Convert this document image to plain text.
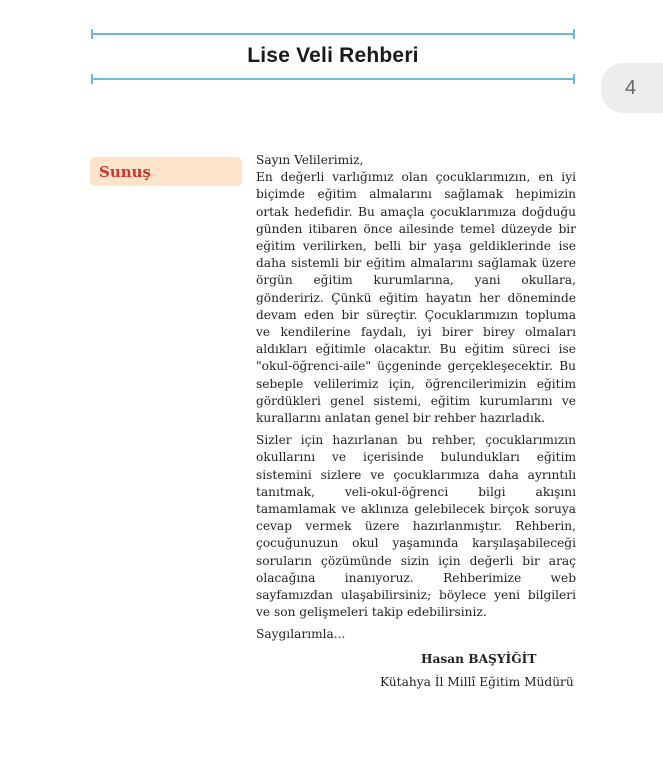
Lise Veli Rehberi
4
Sunuş

Sayın Velilerimiz,

En değerli varlığımız olan çocuklarımızın, en iyi biçimde eğitim almalarını sağlamak hepimizin ortak hedefidir. Bu amaçla çocuklarımıza doğduğu günden itibaren önce ailesinde temel düzeyde bir eğitim verilirken, belli bir yaşa geldiklerinde ise daha sistemli bir eğitim almalarını sağlamak üzere örgün eğitim kurumlarına, yani okullara, göndeririz. Çünkü eğitim hayatın her döneminde devam eden bir süreçtir. Çocuklarımızın topluma ve kendilerine faydalı, iyi birer birey olmaları aldıkları eğitimle olacaktır. Bu eğitim süreci ise "okul-öğrenci-aile" üçgeninde gerçekleşecektir. Bu sebeple velilerimiz için, öğrencilerimizin eğitim gördükleri genel sistemi, eğitim kurumlarını ve kurallarını anlatan genel bir rehber hazırladık.

Sizler için hazırlanan bu rehber, çocuklarımızın okullarını ve içerisinde bulundukları eğitim sistemini sizlere ve çocuklarımıza daha ayrıntılı tanıtmak, veli-okul-öğrenci bilgi akışını tamamlamak ve aklınıza gelebilecek birçok soruya cevap vermek üzere hazırlanmıştır. Rehberin, çocuğunuzun okul yaşamında karşılaşabileceği soruların çözümünde sizin için değerli bir araç olacağına inanıyoruz. Rehberimize web sayfamızdan ulaşabilirsiniz; böylece yeni bilgileri ve son gelişmeleri takip edebilirsiniz.

Saygılarımla...

Hasan BAŞYİĞİT
Kütahya İl Millî Eğitim Müdürü
